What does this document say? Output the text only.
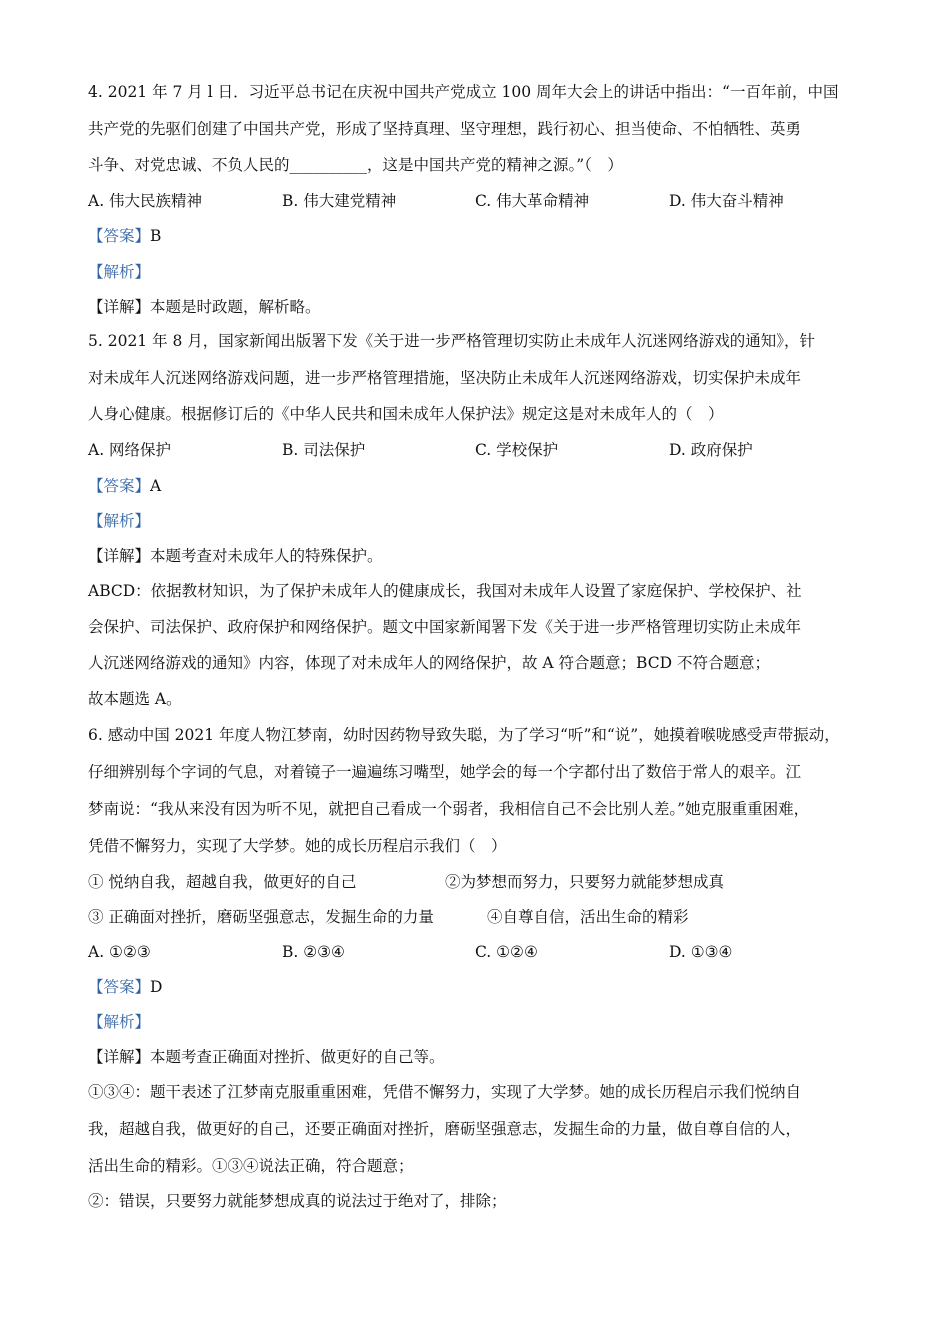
4. 2021 年 7 月 l 日．习近平总书记在庆祝中国共产党成立 100 周年大会上的讲话中指出：“一百年前，中国
共产党的先驱们创建了中国共产党，形成了坚持真理、坚守理想，践行初心、担当使命、不怕牺牲、英勇
斗争、对党忠诚、不负人民的__________，这是中国共产党的精神之源。”（　）
A. 伟大民族精神	B. 伟大建党精神	C. 伟大革命精神	D. 伟大奋斗精神
【答案】B
【解析】
【详解】本题是时政题，解析略。
5. 2021 年 8 月，国家新闻出版署下发《关于进一步严格管理切实防止未成年人沉迷网络游戏的通知》，针
对未成年人沉迷网络游戏问题，进一步严格管理措施，坚决防止未成年人沉迷网络游戏，切实保护未成年
人身心健康。根据修订后的《中华人民共和国未成年人保护法》规定这是对未成年人的（　）
A. 网络保护	B. 司法保护	C. 学校保护	D. 政府保护
【答案】A
【解析】
【详解】本题考查对未成年人的特殊保护。
ABCD：依据教材知识，为了保护未成年人的健康成长，我国对未成年人设置了家庭保护、学校保护、社
会保护、司法保护、政府保护和网络保护。题文中国家新闻署下发《关于进一步严格管理切实防止未成年
人沉迷网络游戏的通知》内容，体现了对未成年人的网络保护，故 A 符合题意；BCD 不符合题意；
故本题选 A。
6. 感动中国 2021 年度人物江梦南，幼时因药物导致失聪，为了学习“听”和“说”，她摸着喉咙感受声带振动，
仔细辨别每个字词的气息，对着镜子一遍遍练习嘴型，她学会的每一个字都付出了数倍于常人的艰辛。江
梦南说：“我从来没有因为听不见，就把自己看成一个弱者，我相信自己不会比别人差。”她克服重重困难，
凭借不懈努力，实现了大学梦。她的成长历程启示我们（　）
① 悦纳自我，超越自我，做更好的自己	②为梦想而努力，只要努力就能梦想成真
③ 正确面对挫折，磨砺坚强意志，发掘生命的力量	④自尊自信，活出生命的精彩
A. ①②③	B. ②③④	C. ①②④	D. ①③④
【答案】D
【解析】
【详解】本题考查正确面对挫折、做更好的自己等。
①③④：题干表述了江梦南克服重重困难，凭借不懈努力，实现了大学梦。她的成长历程启示我们悦纳自
我，超越自我，做更好的自己，还要正确面对挫折，磨砺坚强意志，发掘生命的力量，做自尊自信的人，
活出生命的精彩。①③④说法正确，符合题意；
②：错误，只要努力就能梦想成真的说法过于绝对了，排除；
